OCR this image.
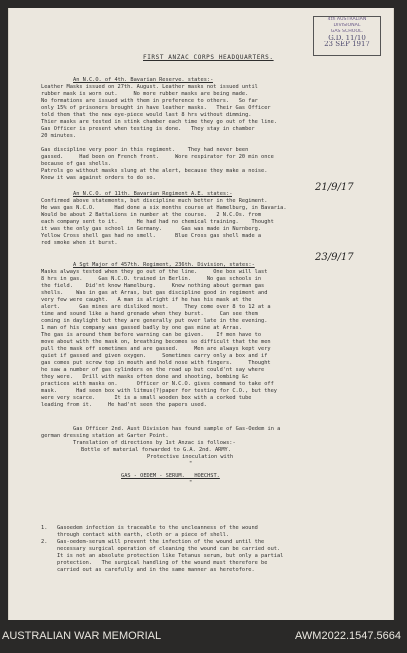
4th AUSTRALIAN
DIVISIONAL
GAS SCHOOL.
G.D. 11/10
23 SEP 1917
21/9/17
23/9/17
FIRST ANZAC CORPS HEADQUARTERS.
An N.C.O. of 4th. Bavarian Reserve. states:-
Leather Masks issued on 27th. August. Leather masks not issued until
rubber mask is worn out.     No more rubber masks are being made.
No formations are issued with them in preference to others.   So far
only 15% of prisoners brought in have leather masks.   Their Gas Officer
told them that the new eye-piece would last 8 hrs without dimming.
Thier masks are tested in stink chamber each time they go out of the line.
Gas Officer is present when testing is done.   They stay in chamber
20 minutes.
Gas discipline very poor in this regiment.    They had never been
gassed.     Had been on French front.     Wore respirator for 20 min once
because of gas shells.
Patrols go without masks slung at the alert, because they make a noise.
Knew it was against orders to do so.
An N.C.O. of 11th. Bavarian Regiment A.E. states:-
Confirmed above statements, but discipline much better in the Regiment.
He was gas N.C.O.      Had done a six months course at Hamelburg, in Bavaria.
Would be about 2 Battalions in number at the course.   2 N.C.Os. from
each company sent to it.      He had had no chemical training.    Thought
it was the only gas school in Germany.      Gas was made in Nurnberg.
Yellow Cross shell gas had no smell.      Blue Cross gas shell made a
red smoke when it burst.
A Sgt Major of 457th. Regiment, 236th. Division, states:-
Masks always tested when they go out of the line.     One box will last
8 hrs in gas.     Gas N.C.O. trained in Berlin.     No gas schools in
the field.    Did'nt know Hamelburg.     Knew nothing about german gas
shells.    Was in gas at Arras, but gas discipline good in regiment and
very few were caught.   A man is alright if he has his mask at the
alert.      Gas mines are disliked most.     They come over 8 to 12 at a
time and sound like a hand grenade when they burst.     Can see them
coming in daylight but they are generally put over late in the evening.
1 man of his company was gassed badly by one gas mine at Arras.
The gas is around them before warning can be given.    If men have to
move about with the mask on, breathing becomes so difficult that the men
pull the mask off sometimes and are gassed.     Men are always kept very
quiet if gassed and given oxygen.     Sometimes carry only a box and if
gas comes put screw top in mouth and hold nose with fingers.     Thought
he saw a number of gas cylinders on the road up but could'nt say where
they were.   Drill with masks often done and shooting, bombing &c
practices with masks on.      Officer or N.C.O. gives command to take off
mask.      Had seen box with litmus(?)paper for testing for C.O., but they
were very scarce.      It is a small wooden box with a corked tube
leading from it.     He had'nt seen the papers used.
Gas Officer 2nd. Aust Division has found sample of Gas-Oedem in a
german dressing station at Garter Point.
Translation of directions by 1st Anzac is follows:-
Bottle of material forwarded to G.A. 2nd. ARMY.
Protective inoculation with
"
GAS - OEDEM - SERUM.   HOECHST.
"
1.   Gasoedem infection is traceable to the uncleanness of the wound
through contact with earth, cloth or a piece of shell.
2.   Gas-oedem-serum will prevent the infection of the wound until the
necessary surgical operation of cleaning the wound can be carried out.
It is not an absolute protection like Tetanus serum, but only a partial
protection.   The surgical handling of the wound must therefore be
carried out as carefully and in the same manner as heretofore.
AUSTRALIAN WAR MEMORIAL	AWM2022.1547.5664
